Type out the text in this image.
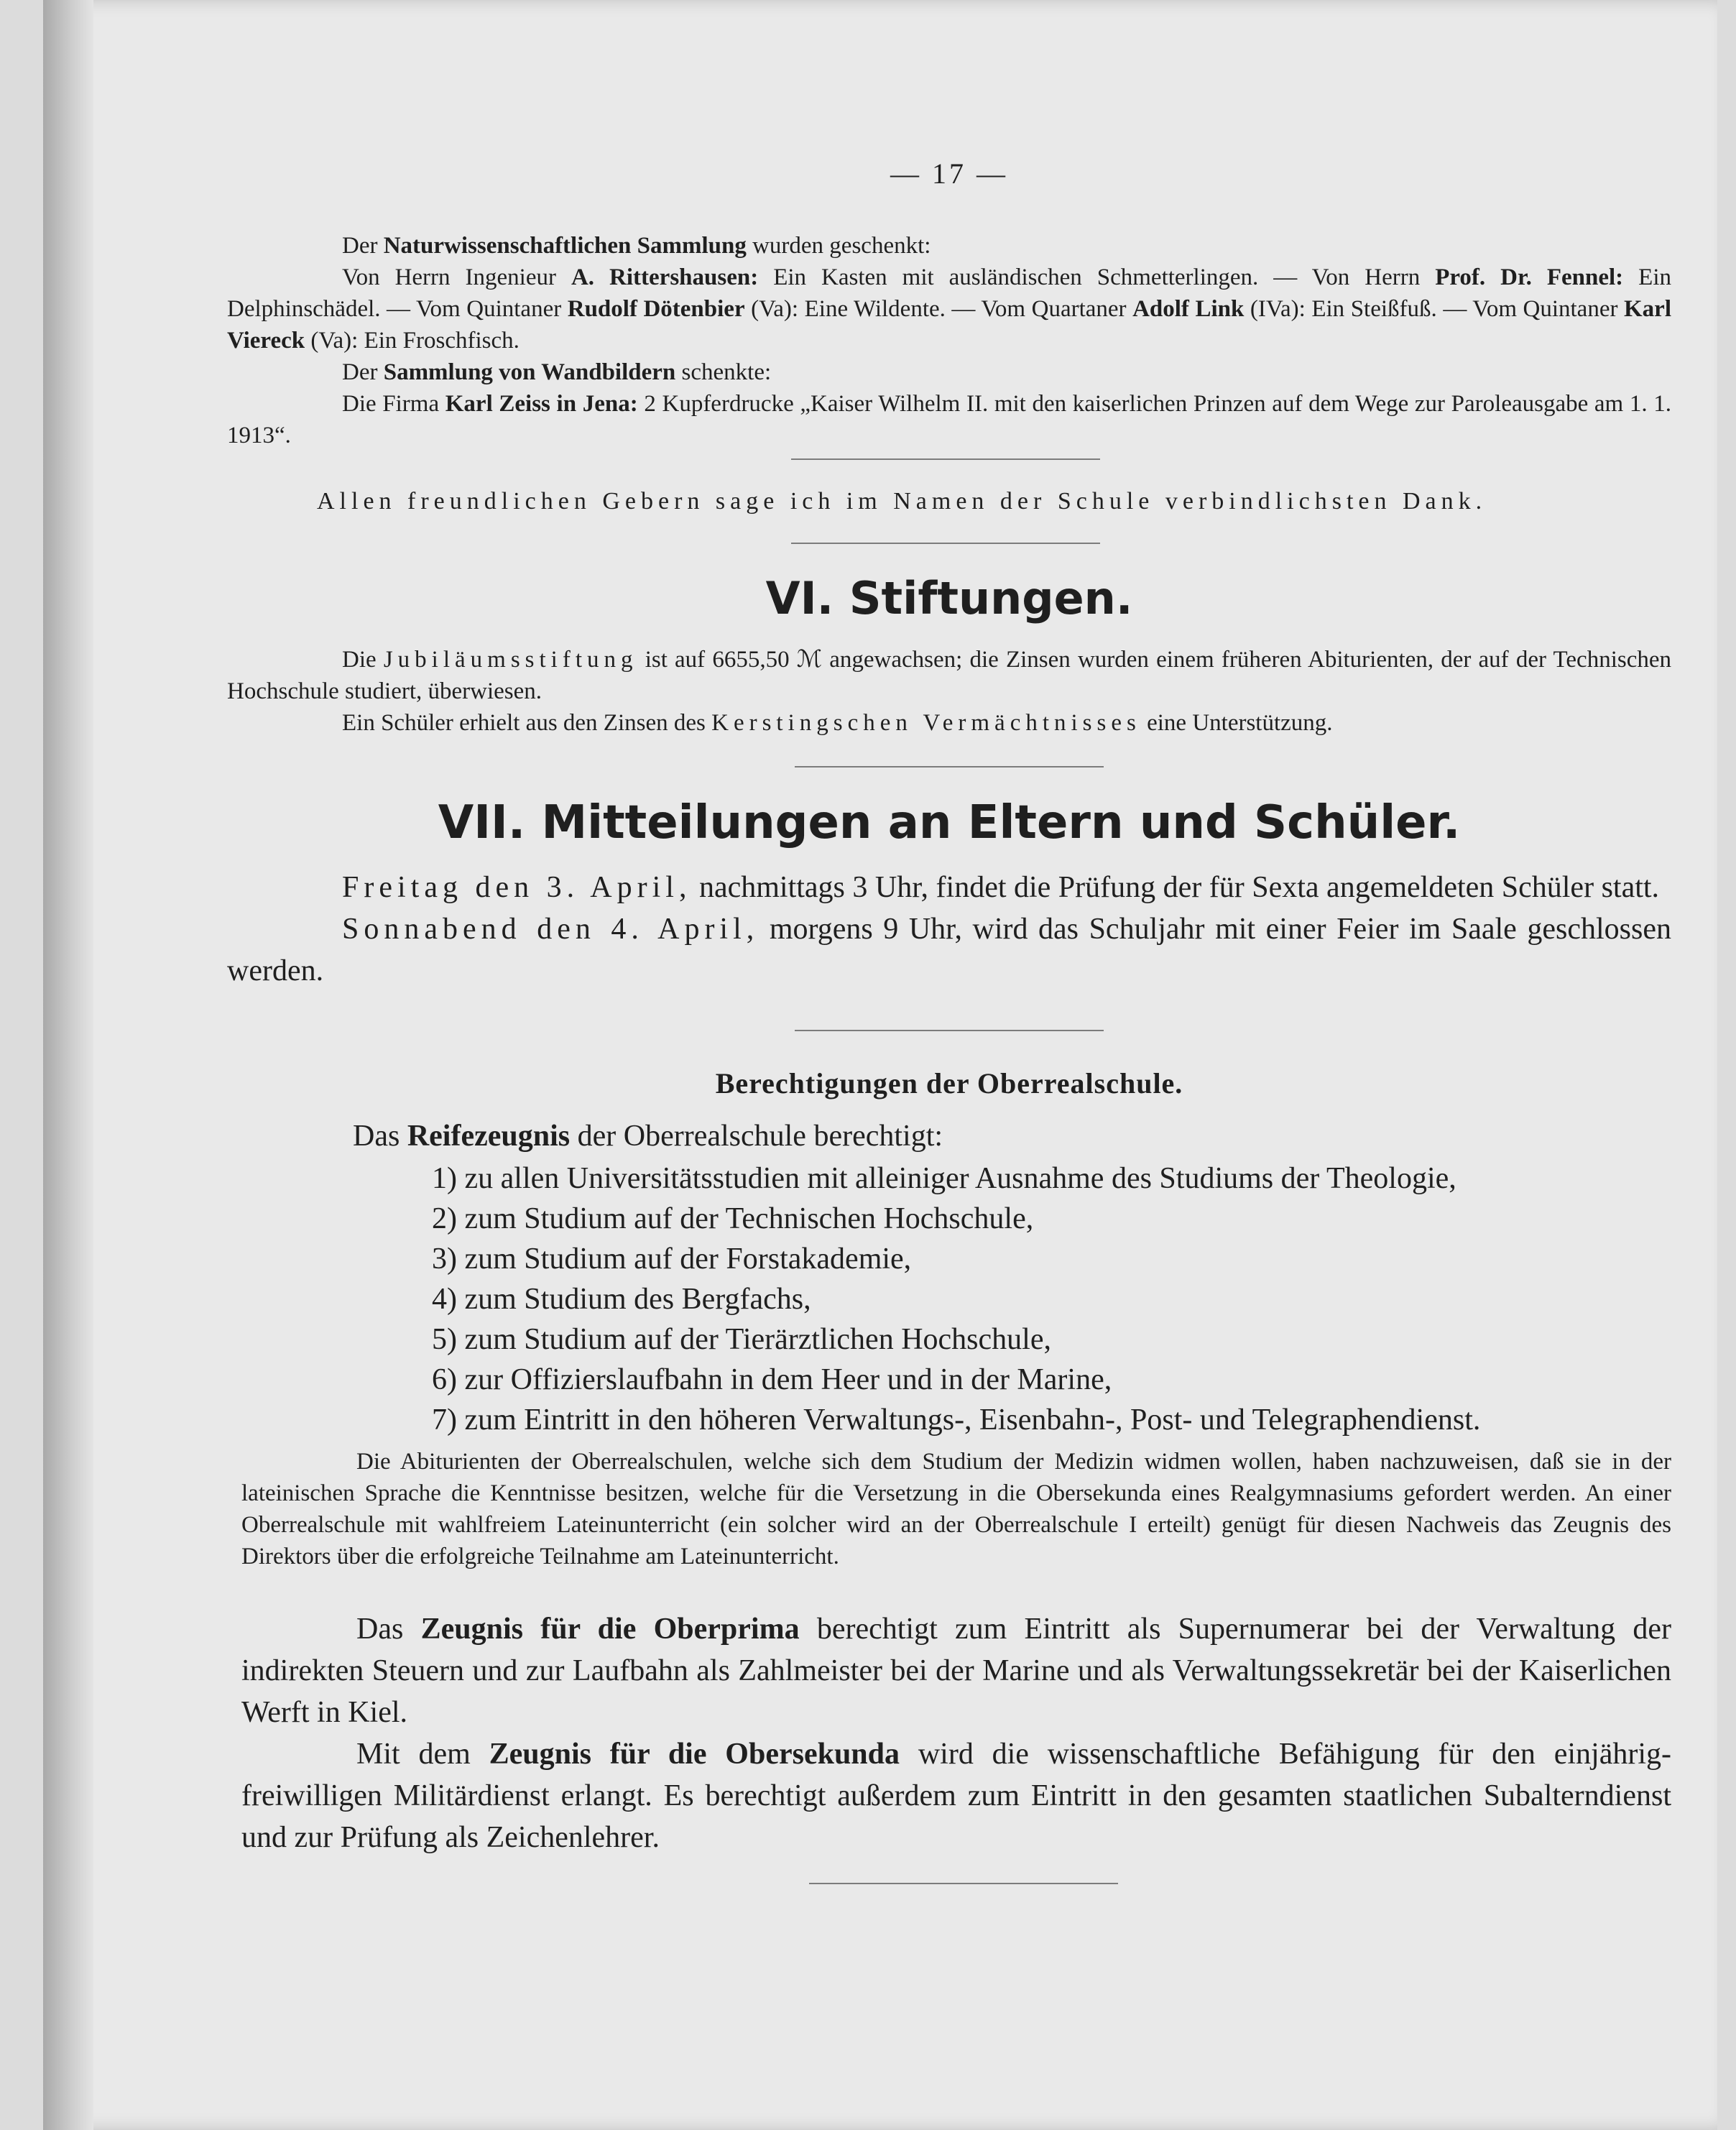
— 17 —

Der Naturwissenschaftlichen Sammlung wurden geschenkt:

Von Herrn Ingenieur A. Rittershausen: Ein Kasten mit ausländischen Schmetterlingen. — Von Herrn Prof. Dr. Fennel: Ein Delphinschädel. — Vom Quintaner Rudolf Dötenbier (Va): Eine Wildente. — Vom Quartaner Adolf Link (IVa): Ein Steißfuß. — Vom Quintaner Karl Viereck (Va): Ein Froschfisch.

Der Sammlung von Wandbildern schenkte:

Die Firma Karl Zeiss in Jena: 2 Kupferdrucke „Kaiser Wilhelm II. mit den kaiserlichen Prinzen auf dem Wege zur Paroleausgabe am 1. 1. 1913“.

Allen freundlichen Gebern sage ich im Namen der Schule verbindlichsten Dank.

VI. Stiftungen.

Die Jubiläumsstiftung ist auf 6655,50 ℳ angewachsen; die Zinsen wurden einem früheren Abiturienten, der auf der Technischen Hochschule studiert, überwiesen.

Ein Schüler erhielt aus den Zinsen des Kerstingschen Vermächtnisses eine Unterstützung.

VII. Mitteilungen an Eltern und Schüler.

Freitag den 3. April, nachmittags 3 Uhr, findet die Prüfung der für Sexta angemeldeten Schüler statt.

Sonnabend den 4. April, morgens 9 Uhr, wird das Schuljahr mit einer Feier im Saale geschlossen werden.

Berechtigungen der Oberrealschule.

Das Reifezeugnis der Oberrealschule berechtigt:

1) zu allen Universitätsstudien mit alleiniger Ausnahme des Studiums der Theologie,
2) zum Studium auf der Technischen Hochschule,
3) zum Studium auf der Forstakademie,
4) zum Studium des Bergfachs,
5) zum Studium auf der Tierärztlichen Hochschule,
6) zur Offizierslaufbahn in dem Heer und in der Marine,
7) zum Eintritt in den höheren Verwaltungs-, Eisenbahn-, Post- und Telegraphendienst.

Die Abiturienten der Oberrealschulen, welche sich dem Studium der Medizin widmen wollen, haben nachzuweisen, daß sie in der lateinischen Sprache die Kenntnisse besitzen, welche für die Versetzung in die Obersekunda eines Realgymnasiums gefordert werden. An einer Oberrealschule mit wahlfreiem Lateinunterricht (ein solcher wird an der Oberrealschule I erteilt) genügt für diesen Nachweis das Zeugnis des Direktors über die erfolgreiche Teilnahme am Lateinunterricht.

Das Zeugnis für die Oberprima berechtigt zum Eintritt als Supernumerar bei der Verwaltung der indirekten Steuern und zur Laufbahn als Zahlmeister bei der Marine und als Verwaltungssekretär bei der Kaiserlichen Werft in Kiel.

Mit dem Zeugnis für die Obersekunda wird die wissenschaftliche Befähigung für den einjährig-freiwilligen Militärdienst erlangt. Es berechtigt außerdem zum Eintritt in den gesamten staatlichen Subalterndienst und zur Prüfung als Zeichenlehrer.
